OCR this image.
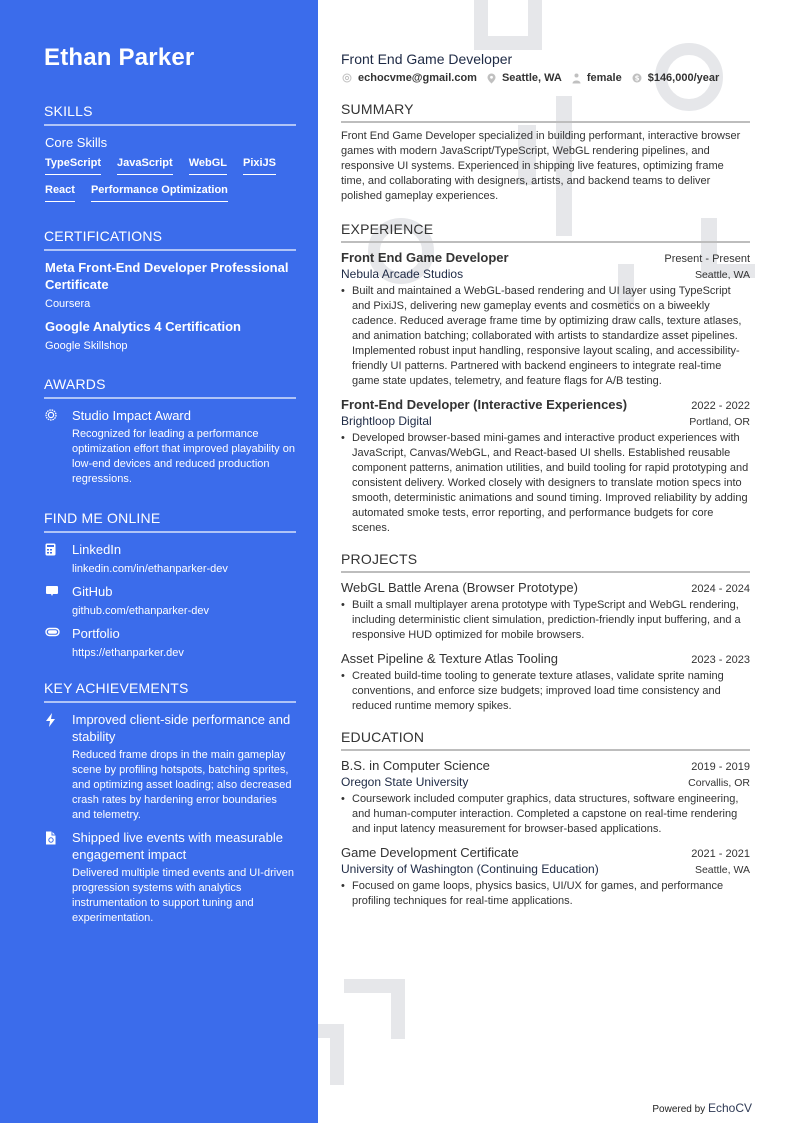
Ethan Parker
SKILLS
Core Skills
TypeScript JavaScript WebGL PixiJS
React Performance Optimization
CERTIFICATIONS
Meta Front-End Developer Professional Certificate
Coursera
Google Analytics 4 Certification
Google Skillshop
AWARDS
Studio Impact Award
Recognized for leading a performance optimization effort that improved playability on low-end devices and reduced production regressions.
FIND ME ONLINE
LinkedIn
linkedin.com/in/ethanparker-dev
GitHub
github.com/ethanparker-dev
Portfolio
https://ethanparker.dev
KEY ACHIEVEMENTS
Improved client-side performance and stability
Reduced frame drops in the main gameplay scene by profiling hotspots, batching sprites, and optimizing asset loading; also decreased crash rates by hardening error boundaries and telemetry.
Shipped live events with measurable engagement impact
Delivered multiple timed events and UI-driven progression systems with analytics instrumentation to support tuning and experimentation.
Front End Game Developer
echocvme@gmail.com Seattle, WA female $ $146,000/year
SUMMARY

Front End Game Developer specialized in building performant, interactive browser games with modern JavaScript/TypeScript, WebGL rendering pipelines, and responsive UI systems. Experienced in shipping live features, optimizing frame time, and collaborating with designers, artists, and backend teams to deliver polished gameplay experiences.

EXPERIENCE
Front End Game Developer	Present - Present
Nebula Arcade Studios	Seattle, WA
• Built and maintained a WebGL-based rendering and UI layer using TypeScript and PixiJS, delivering new gameplay events and cosmetics on a biweekly cadence. Reduced average frame time by optimizing draw calls, texture atlases, and animation batching; collaborated with artists to standardize asset pipelines. Implemented robust input handling, responsive layout scaling, and accessibility-friendly UI patterns. Partnered with backend engineers to integrate real-time game state updates, telemetry, and feature flags for A/B testing.
Front-End Developer (Interactive Experiences)	2022 - 2022
Brightloop Digital	Portland, OR
• Developed browser-based mini-games and interactive product experiences with JavaScript, Canvas/WebGL, and React-based UI shells. Established reusable component patterns, animation utilities, and build tooling for rapid prototyping and consistent delivery. Worked closely with designers to translate motion specs into smooth, deterministic animations and sound timing. Improved reliability by adding automated smoke tests, error reporting, and performance budgets for core scenes.
PROJECTS
WebGL Battle Arena (Browser Prototype)	2024 - 2024
• Built a small multiplayer arena prototype with TypeScript and WebGL rendering, including deterministic client simulation, prediction-friendly input buffering, and a responsive HUD optimized for mobile browsers.
Asset Pipeline & Texture Atlas Tooling	2023 - 2023
• Created build-time tooling to generate texture atlases, validate sprite naming conventions, and enforce size budgets; improved load time consistency and reduced runtime memory spikes.
EDUCATION
B.S. in Computer Science	2019 - 2019
Oregon State University	Corvallis, OR
• Coursework included computer graphics, data structures, software engineering, and human-computer interaction. Completed a capstone on real-time rendering and input latency measurement for browser-based applications.
Game Development Certificate	2021 - 2021
University of Washington (Continuing Education)	Seattle, WA
• Focused on game loops, physics basics, UI/UX for games, and performance profiling techniques for real-time applications.
Powered by EchoCV
